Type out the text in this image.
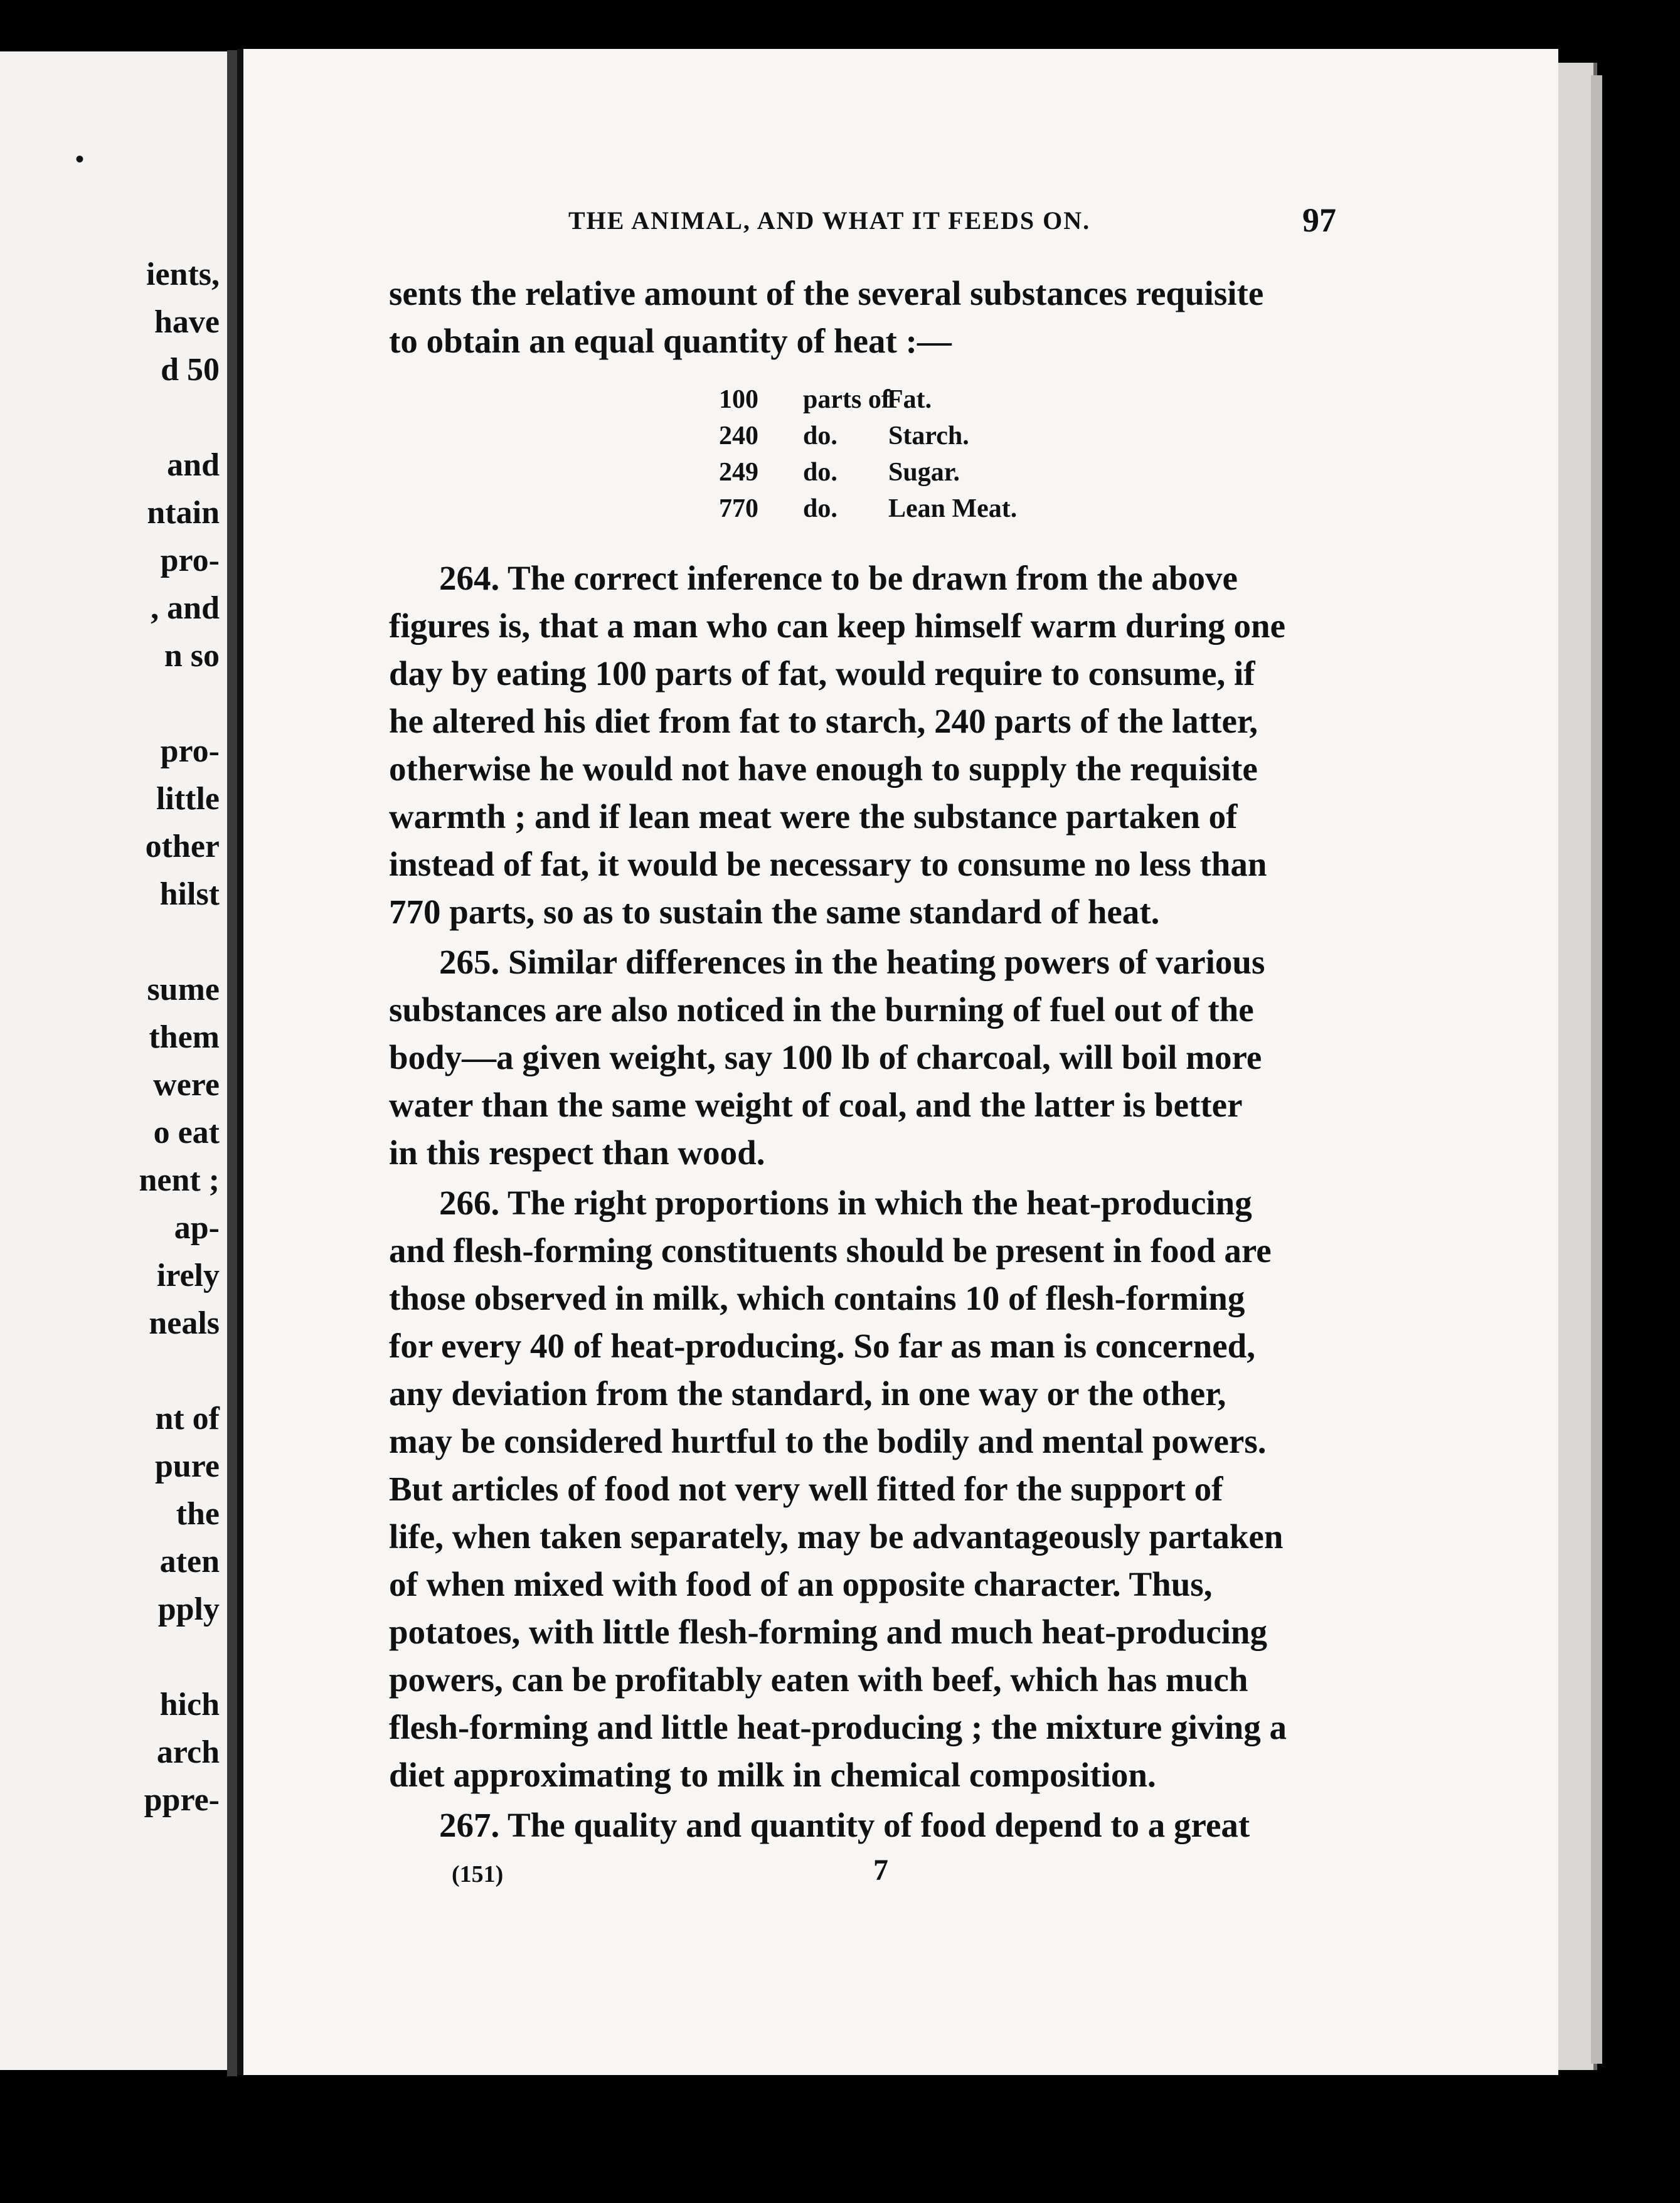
•
ients,
have
d 50
and
ntain
pro-
, and
n so
pro-
little
other
hilst
sume
them
were
o eat
nent ;
ap-
irely
neals
nt of
pure
the
aten
pply
hich
arch
ppre-
THE ANIMAL, AND WHAT IT FEEDS ON.	97
sents the relative amount of the several substances requisite
to obtain an equal quantity of heat :—
100 parts of
Fat.
240 do. Starch.
249 do. Sugar.
770 do. Lean Meat.
264. The correct inference to be drawn from the above
figures is, that a man who can keep himself warm during one
day by eating 100 parts of fat, would require to consume, if
he altered his diet from fat to starch, 240 parts of the latter,
otherwise he would not have enough to supply the requisite
warmth ; and if lean meat were the substance partaken of
instead of fat, it would be necessary to consume no less than
770 parts, so as to sustain the same standard of heat.
265. Similar differences in the heating powers of various
substances are also noticed in the burning of fuel out of the
body—a given weight, say 100 lb of charcoal, will boil more
water than the same weight of coal, and the latter is better
in this respect than wood.
266. The right proportions in which the heat-producing
and flesh-forming constituents should be present in food are
those observed in milk, which contains 10 of flesh-forming
for every 40 of heat-producing. So far as man is concerned,
any deviation from the standard, in one way or the other,
may be considered hurtful to the bodily and mental powers.
But articles of food not very well fitted for the support of
life, when taken separately, may be advantageously partaken
of when mixed with food of an opposite character. Thus,
potatoes, with little flesh-forming and much heat-producing
powers, can be profitably eaten with beef, which has much
flesh-forming and little heat-producing ; the mixture giving a
diet approximating to milk in chemical composition.
267. The quality and quantity of food depend to a great
(151)	7
